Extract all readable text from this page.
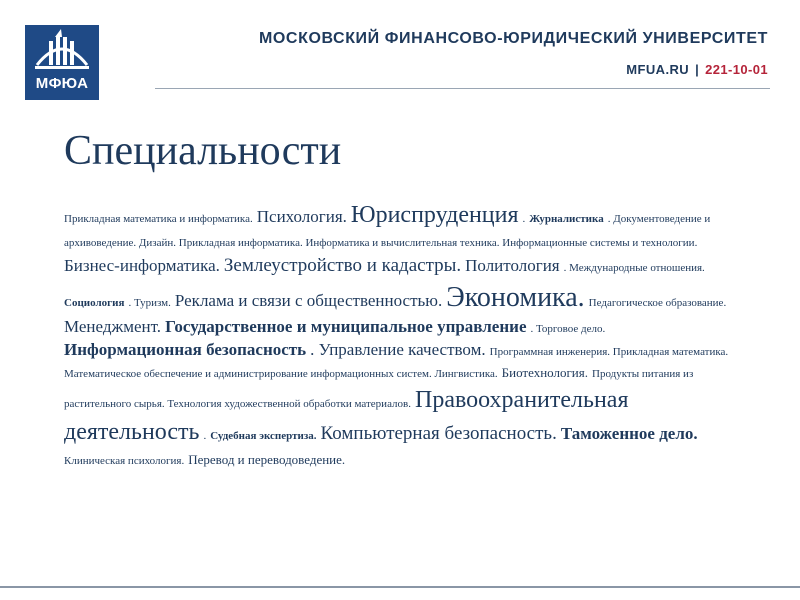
МФЮА
МОСКОВСКИЙ ФИНАНСОВО-ЮРИДИЧЕСКИЙ УНИВЕРСИТЕТ
MFUA.RU | 221-10-01
Специальности
Прикладная математика и информатика. Психология. Юриспруденция . Журналистика . Документоведение и архивоведение. Дизайн. Прикладная информатика. Информатика и вычислительная техника. Информационные системы и технологии. Бизнес-информатика. Землеустройство и кадастры. Политология . Международные отношения. Социология . Туризм. Реклама и связи с общественностью. Экономика. Педагогическое образование. Менеджмент. Государственное и муниципальное управление . Торговое дело. Информационная безопасность . Управление качеством. Программная инженерия. Прикладная математика. Математическое обеспечение и администрирование информационных систем. Лингвистика. Биотехнология. Продукты питания из растительного сырья. Технология художественной обработки материалов. Правоохранительная деятельность . Судебная экспертиза. Компьютерная безопасность. Таможенное дело. Клиническая психология. Перевод и переводоведение.
